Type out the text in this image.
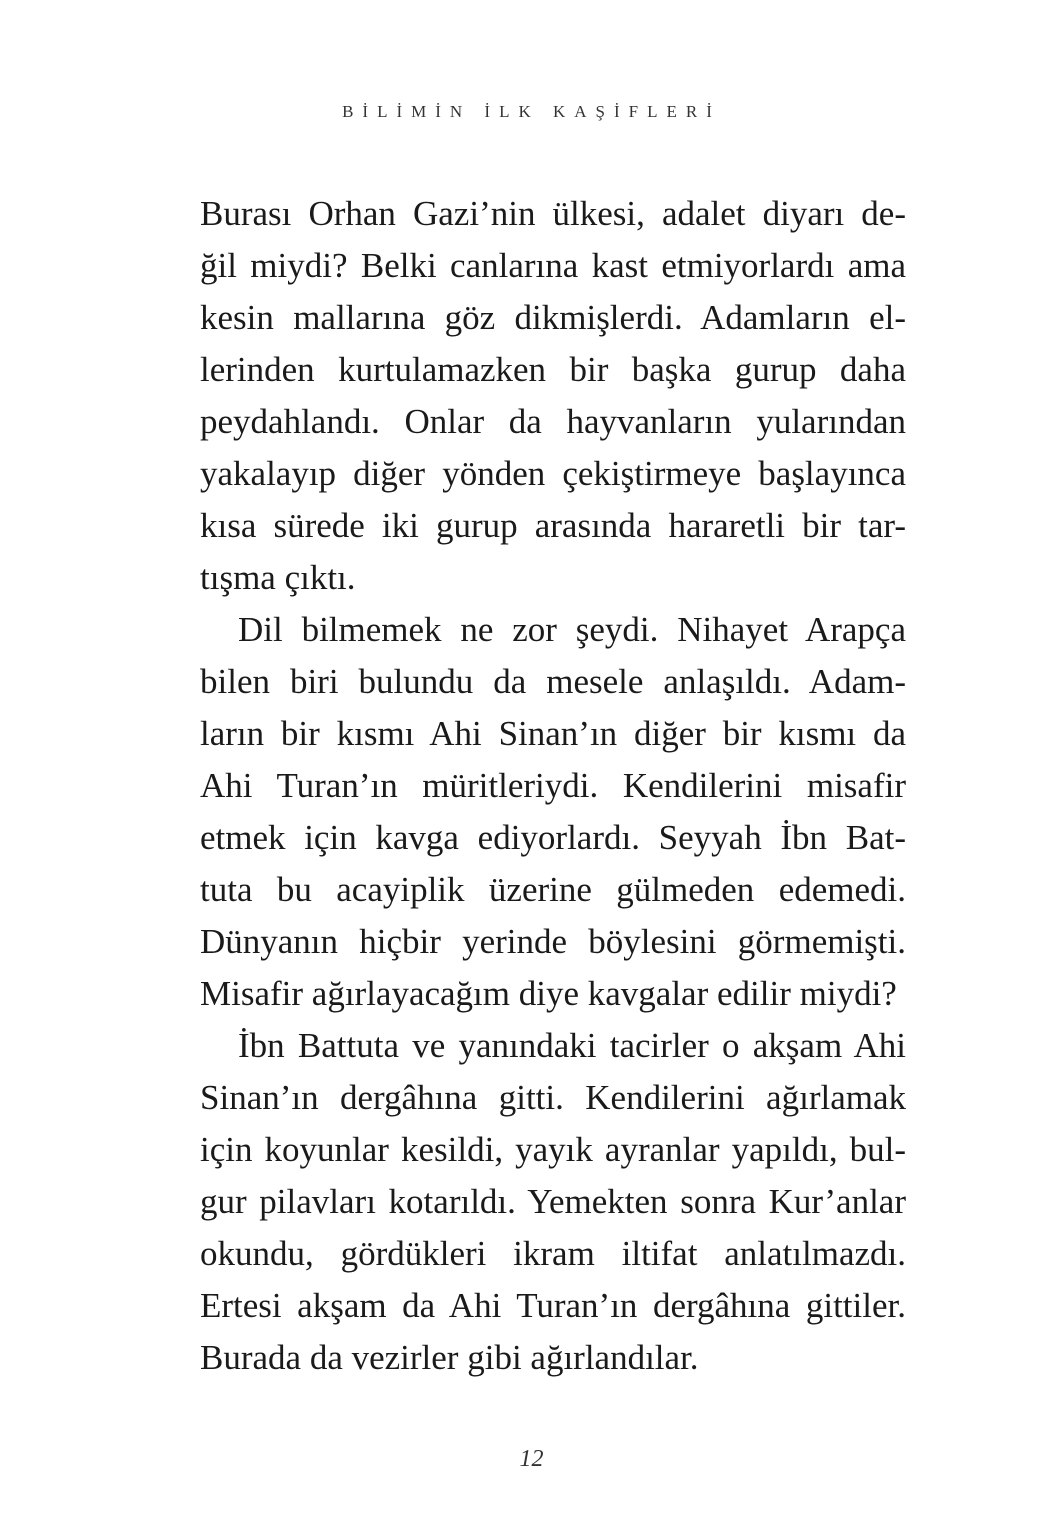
BİLİMİN İLK KAŞİFLERİ
Burası Orhan Gazi’nin ülkesi, adalet diyarı de-
ğil miydi? Belki canlarına kast etmiyorlardı ama
kesin mallarına göz dikmişlerdi. Adamların el-
lerinden kurtulamazken bir başka gurup daha
peydahlandı. Onlar da hayvanların yularından
yakalayıp diğer yönden çekiştirmeye başlayınca
kısa sürede iki gurup arasında hararetli bir tar-
tışma çıktı.
Dil bilmemek ne zor şeydi. Nihayet Arapça
bilen biri bulundu da mesele anlaşıldı. Adam-
ların bir kısmı Ahi Sinan’ın diğer bir kısmı da
Ahi Turan’ın müritleriydi. Kendilerini misafir
etmek için kavga ediyorlardı. Seyyah İbn Bat-
tuta bu acayiplik üzerine gülmeden edemedi.
Dünyanın hiçbir yerinde böylesini görmemişti.
Misafir ağırlayacağım diye kavgalar edilir miydi?
İbn Battuta ve yanındaki tacirler o akşam Ahi
Sinan’ın dergâhına gitti. Kendilerini ağırlamak
için koyunlar kesildi, yayık ayranlar yapıldı, bul-
gur pilavları kotarıldı. Yemekten sonra Kur’anlar
okundu, gördükleri ikram iltifat anlatılmazdı.
Ertesi akşam da Ahi Turan’ın dergâhına gittiler.
Burada da vezirler gibi ağırlandılar.
12
